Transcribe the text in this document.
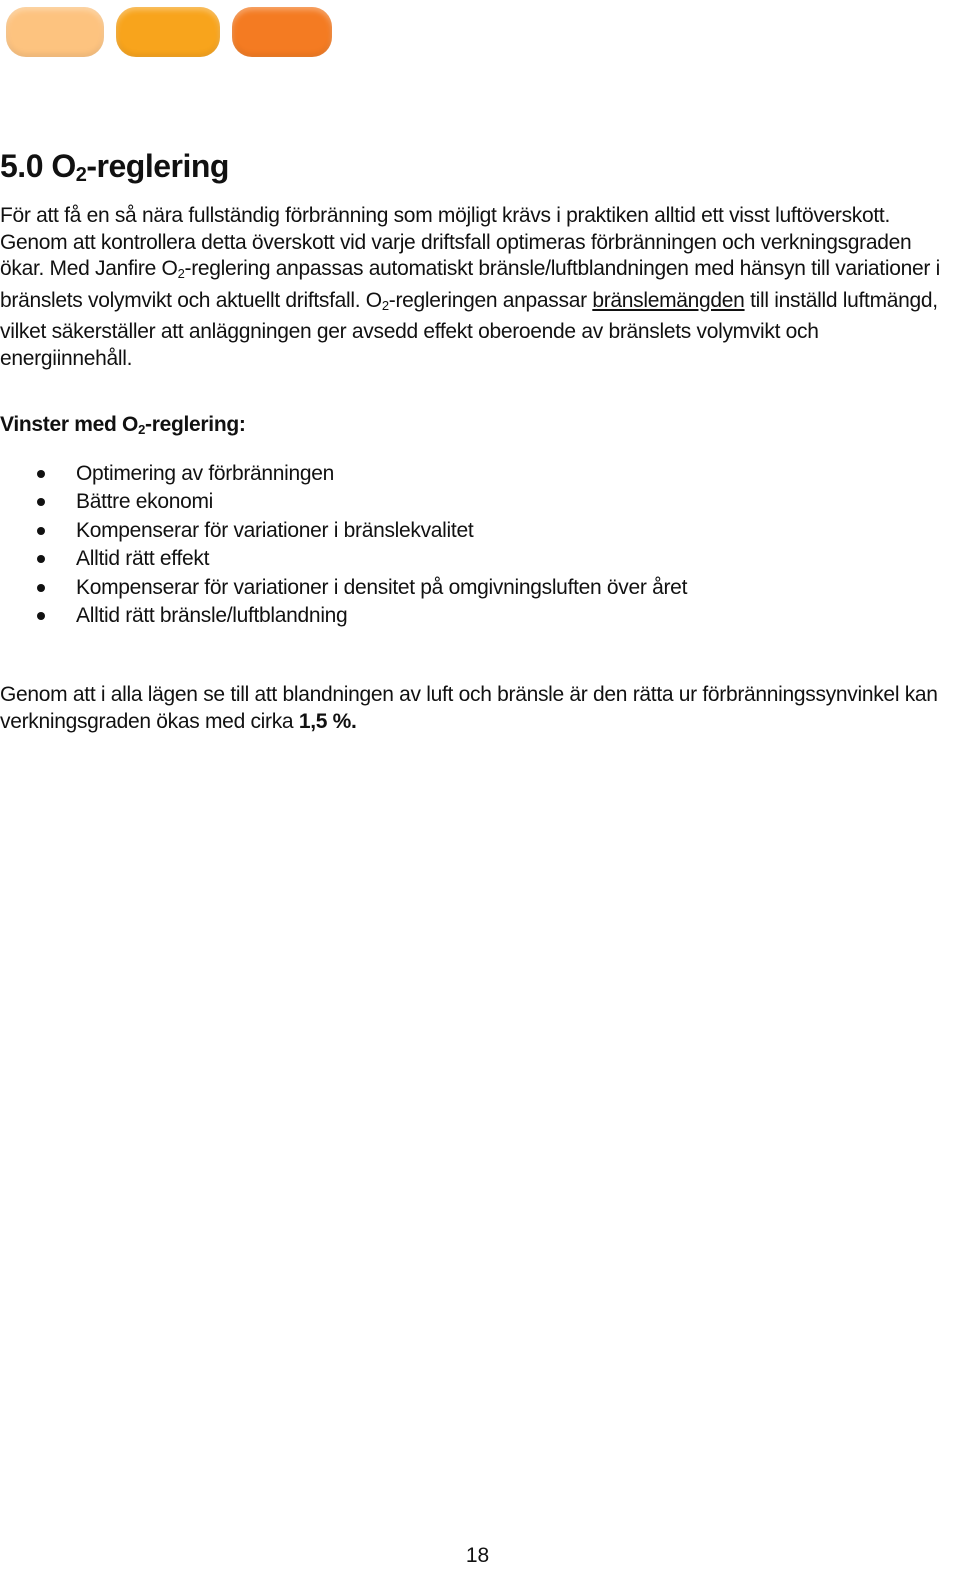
5.0 $O_2$-reglering

För att få en så nära fullständig förbränning som möjligt krävs i praktiken alltid ett visst luftöverskott. Genom att kontrollera detta överskott vid varje driftsfall optimeras förbränningen och verkningsgraden ökar. Med Janfire $O_2$-reglering anpassas automatiskt bränsle/luftblandningen med hänsyn till variationer i bränslets volymvikt och aktuellt driftsfall. $O_2$-regleringen anpassar bränslemängden till inställd luftmängd, vilket säkerställer att anläggningen ger avsedd effekt oberoende av bränslets volymvikt och energiinnehåll.

Vinster med $O_2$-reglering:
Optimering av förbränningen
Bättre ekonomi
Kompenserar för variationer i bränslekvalitet
Alltid rätt effekt
Kompenserar för variationer i densitet på omgivningsluften över året
Alltid rätt bränsle/luftblandning

Genom att i alla lägen se till att blandningen av luft och bränsle är den rätta ur förbränningssynvinkel kan verkningsgraden ökas med cirka 1,5 %.

18
